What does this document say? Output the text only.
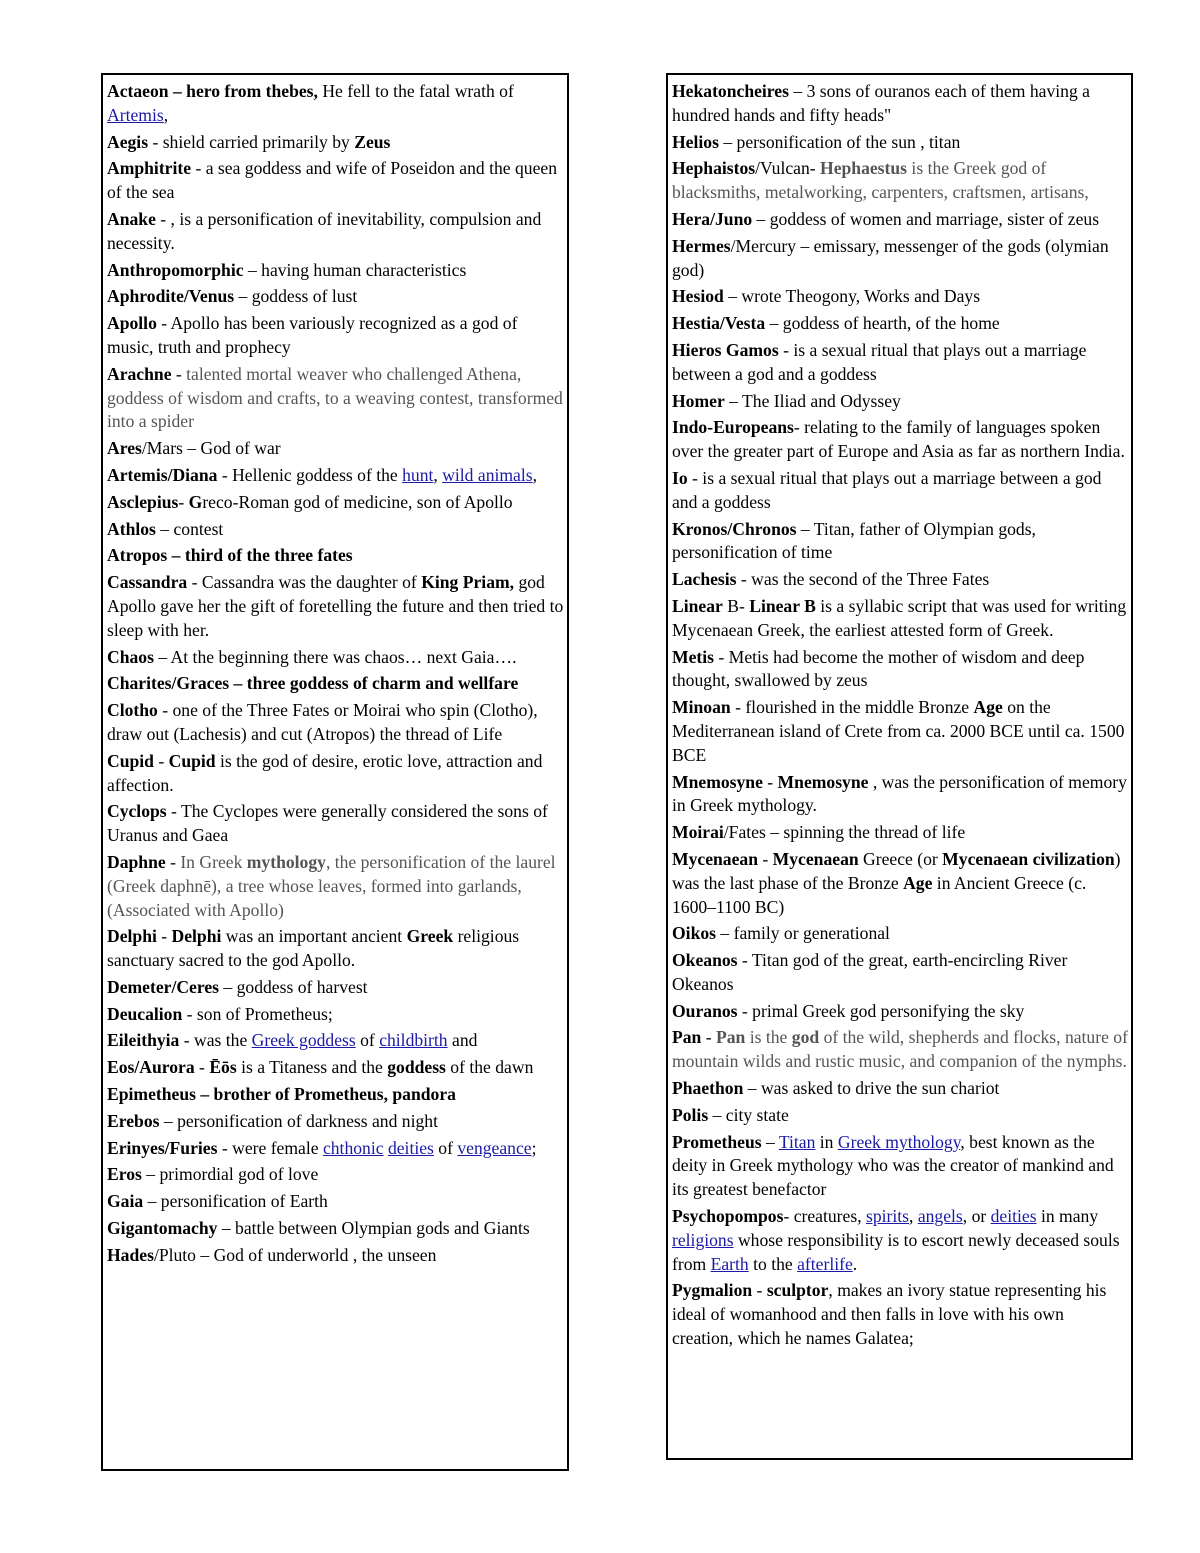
Actaeon – hero from thebes, He fell to the fatal wrath of Artemis,
Aegis - shield carried primarily by Zeus
Amphitrite - a sea goddess and wife of Poseidon and the queen of the sea
Anake - , is a personification of inevitability, compulsion and necessity.
Anthropomorphic – having human characteristics
Aphrodite/Venus – goddess of lust
Apollo - Apollo has been variously recognized as a god of music, truth and prophecy
Arachne - talented mortal weaver who challenged Athena, goddess of wisdom and crafts, to a weaving contest, transformed into a spider
Ares/Mars – God of war
Artemis/Diana - Hellenic goddess of the hunt, wild animals,
Asclepius- Greco-Roman god of medicine, son of Apollo
Athlos – contest
Atropos – third of the three fates
Cassandra - Cassandra was the daughter of King Priam, god Apollo gave her the gift of foretelling the future and then tried to sleep with her.
Chaos – At the beginning there was chaos… next Gaia….
Charites/Graces – three goddess of charm and wellfare
Clotho - one of the Three Fates or Moirai who spin (Clotho), draw out (Lachesis) and cut (Atropos) the thread of Life
Cupid - Cupid is the god of desire, erotic love, attraction and affection.
Cyclops - The Cyclopes were generally considered the sons of Uranus and Gaea
Daphne - In Greek mythology, the personification of the laurel (Greek daphnē), a tree whose leaves, formed into garlands, (Associated with Apollo)
Delphi - Delphi was an important ancient Greek religious sanctuary sacred to the god Apollo.
Demeter/Ceres – goddess of harvest
Deucalion - son of Prometheus;
Eileithyia - was the Greek goddess of childbirth and
Eos/Aurora - Ēōs is a Titaness and the goddess of the dawn
Epimetheus – brother of Prometheus, pandora
Erebos – personification of darkness and night
Erinyes/Furies - were female chthonic deities of vengeance;
Eros – primordial god of love
Gaia – personification of Earth
Gigantomachy – battle between Olympian gods and Giants
Hades/Pluto – God of underworld , the unseen
Hekatoncheires – 3 sons of ouranos each of them having a hundred hands and fifty heads"
Helios – personification of the sun , titan
Hephaistos/Vulcan- Hephaestus is the Greek god of blacksmiths, metalworking, carpenters, craftsmen, artisans,
Hera/Juno – goddess of women and marriage, sister of zeus
Hermes/Mercury – emissary, messenger of the gods (olymian god)
Hesiod – wrote Theogony, Works and Days
Hestia/Vesta – goddess of hearth, of the home
Hieros Gamos - is a sexual ritual that plays out a marriage between a god and a goddess
Homer – The Iliad and Odyssey
Indo-Europeans- relating to the family of languages spoken over the greater part of Europe and Asia as far as northern India.
Io - is a sexual ritual that plays out a marriage between a god and a goddess
Kronos/Chronos – Titan, father of Olympian gods, personification of time
Lachesis - was the second of the Three Fates
Linear B- Linear B is a syllabic script that was used for writing Mycenaean Greek, the earliest attested form of Greek.
Metis - Metis had become the mother of wisdom and deep thought, swallowed by zeus
Minoan - flourished in the middle Bronze Age on the Mediterranean island of Crete from ca. 2000 BCE until ca. 1500 BCE
Mnemosyne - Mnemosyne , was the personification of memory in Greek mythology.
Moirai/Fates – spinning the thread of life
Mycenaean - Mycenaean Greece (or Mycenaean civilization) was the last phase of the Bronze Age in Ancient Greece (c. 1600–1100 BC)
Oikos – family or generational
Okeanos - Titan god of the great, earth-encircling River Okeanos
Ouranos - primal Greek god personifying the sky
Pan - Pan is the god of the wild, shepherds and flocks, nature of mountain wilds and rustic music, and companion of the nymphs.
Phaethon – was asked to drive the sun chariot
Polis – city state
Prometheus – Titan in Greek mythology, best known as the deity in Greek mythology who was the creator of mankind and its greatest benefactor
Psychopompos- creatures, spirits, angels, or deities in many religions whose responsibility is to escort newly deceased souls from Earth to the afterlife.
Pygmalion - sculptor, makes an ivory statue representing his ideal of womanhood and then falls in love with his own creation, which he names Galatea;
